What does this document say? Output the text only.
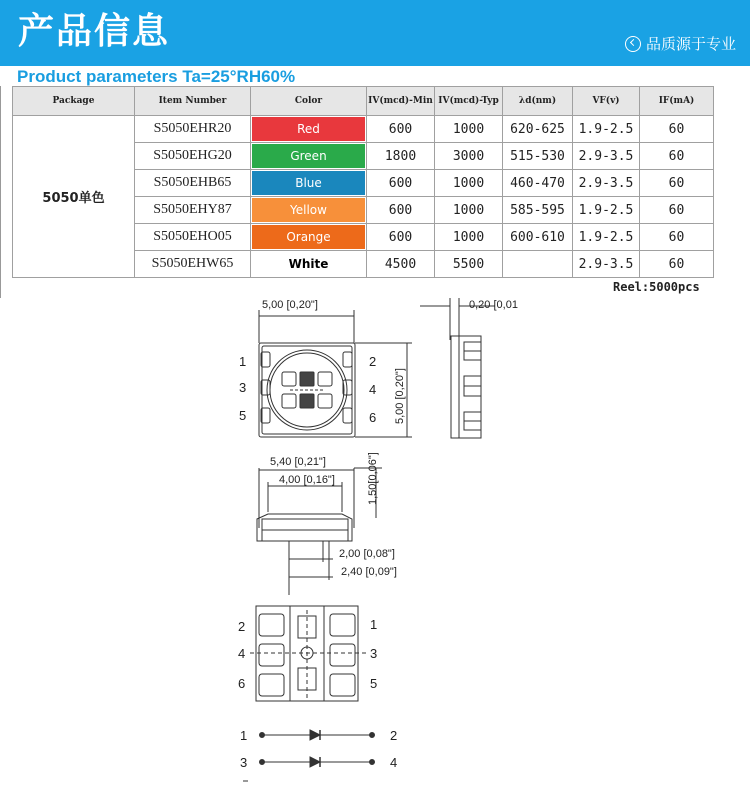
产品信息	品质源于专业
Product parameters Ta=25°RH60%
Package	Item Number	Color	IV(mcd)-Min	IV(mcd)-Typ	λd(nm)	VF(v)	IF(mA)
5050单色	S5050EHR20	Red	600	1000	620-625	1.9-2.5	60
	S5050EHG20	Green	1800	3000	515-530	2.9-3.5	60
	S5050EHB65	Blue	600	1000	460-470	2.9-3.5	60
	S5050EHY87	Yellow	600	1000	585-595	1.9-2.5	60
	S5050EHO05	Orange	600	1000	600-610	1.9-2.5	60
	S5050EHW65	White	4500	5500		2.9-3.5	60
Reel:5000pcs
5,00 [0,20"]
5,00 [0,20"]
0,20 [0,01
5,40 [0,21"]
4,00 [0,16"]	1,50[0,06"]
2,00 [0,08"]
2,40 [0,09"]
1
3
5
2
4
6
2
4
6
1
3
5
1	2
3	4
